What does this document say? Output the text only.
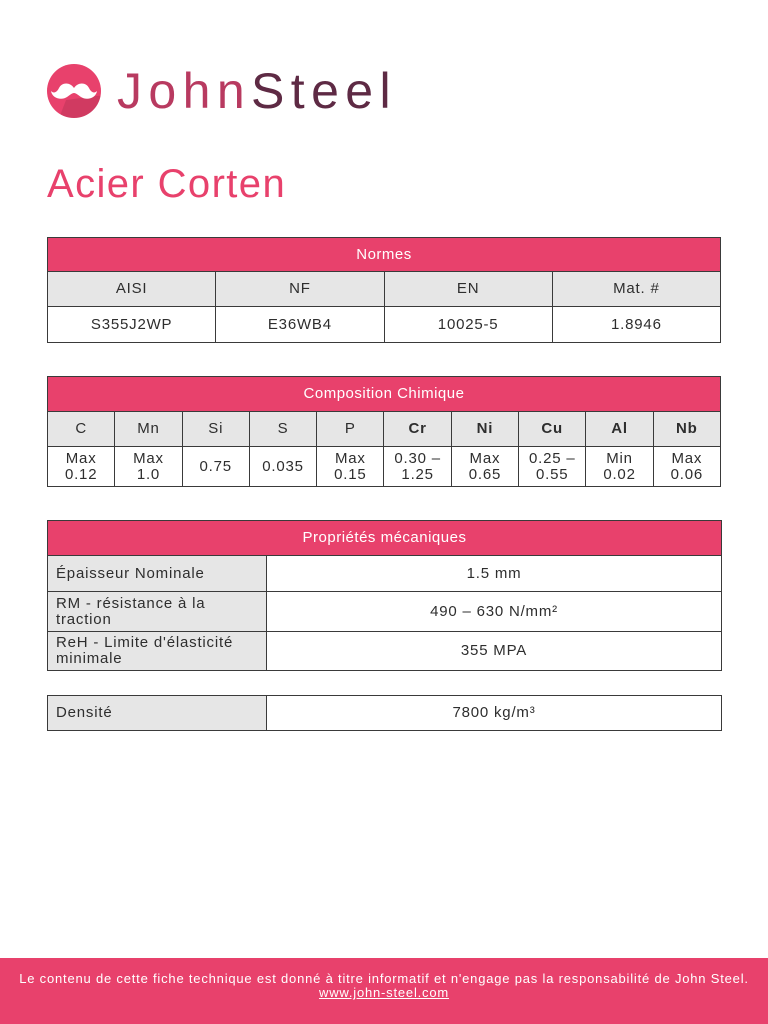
JohnSteel
Acier Corten
Normes			
AISI	NF	EN	Mat. #
S355J2WP	E36WB4	10025-5	1.8946
Composition Chimique									
C	Mn	Si	S	P	Cr	Ni	Cu	Al	Nb
Max 0.12	Max 1.0	0.75	0.035	Max 0.15	0.30 – 1.25	Max 0.65	0.25 – 0.55	Min 0.02	Max 0.06
Propriétés mécaniques	
Épaisseur Nominale	1.5 mm
RM - résistance à la traction	490 – 630 N/mm²
ReH - Limite d'élasticité minimale	355 MPA
Densité	7800 kg/m³
Le contenu de cette fiche technique est donné à titre informatif et n'engage pas la responsabilité de John Steel.
www.john-steel.com
